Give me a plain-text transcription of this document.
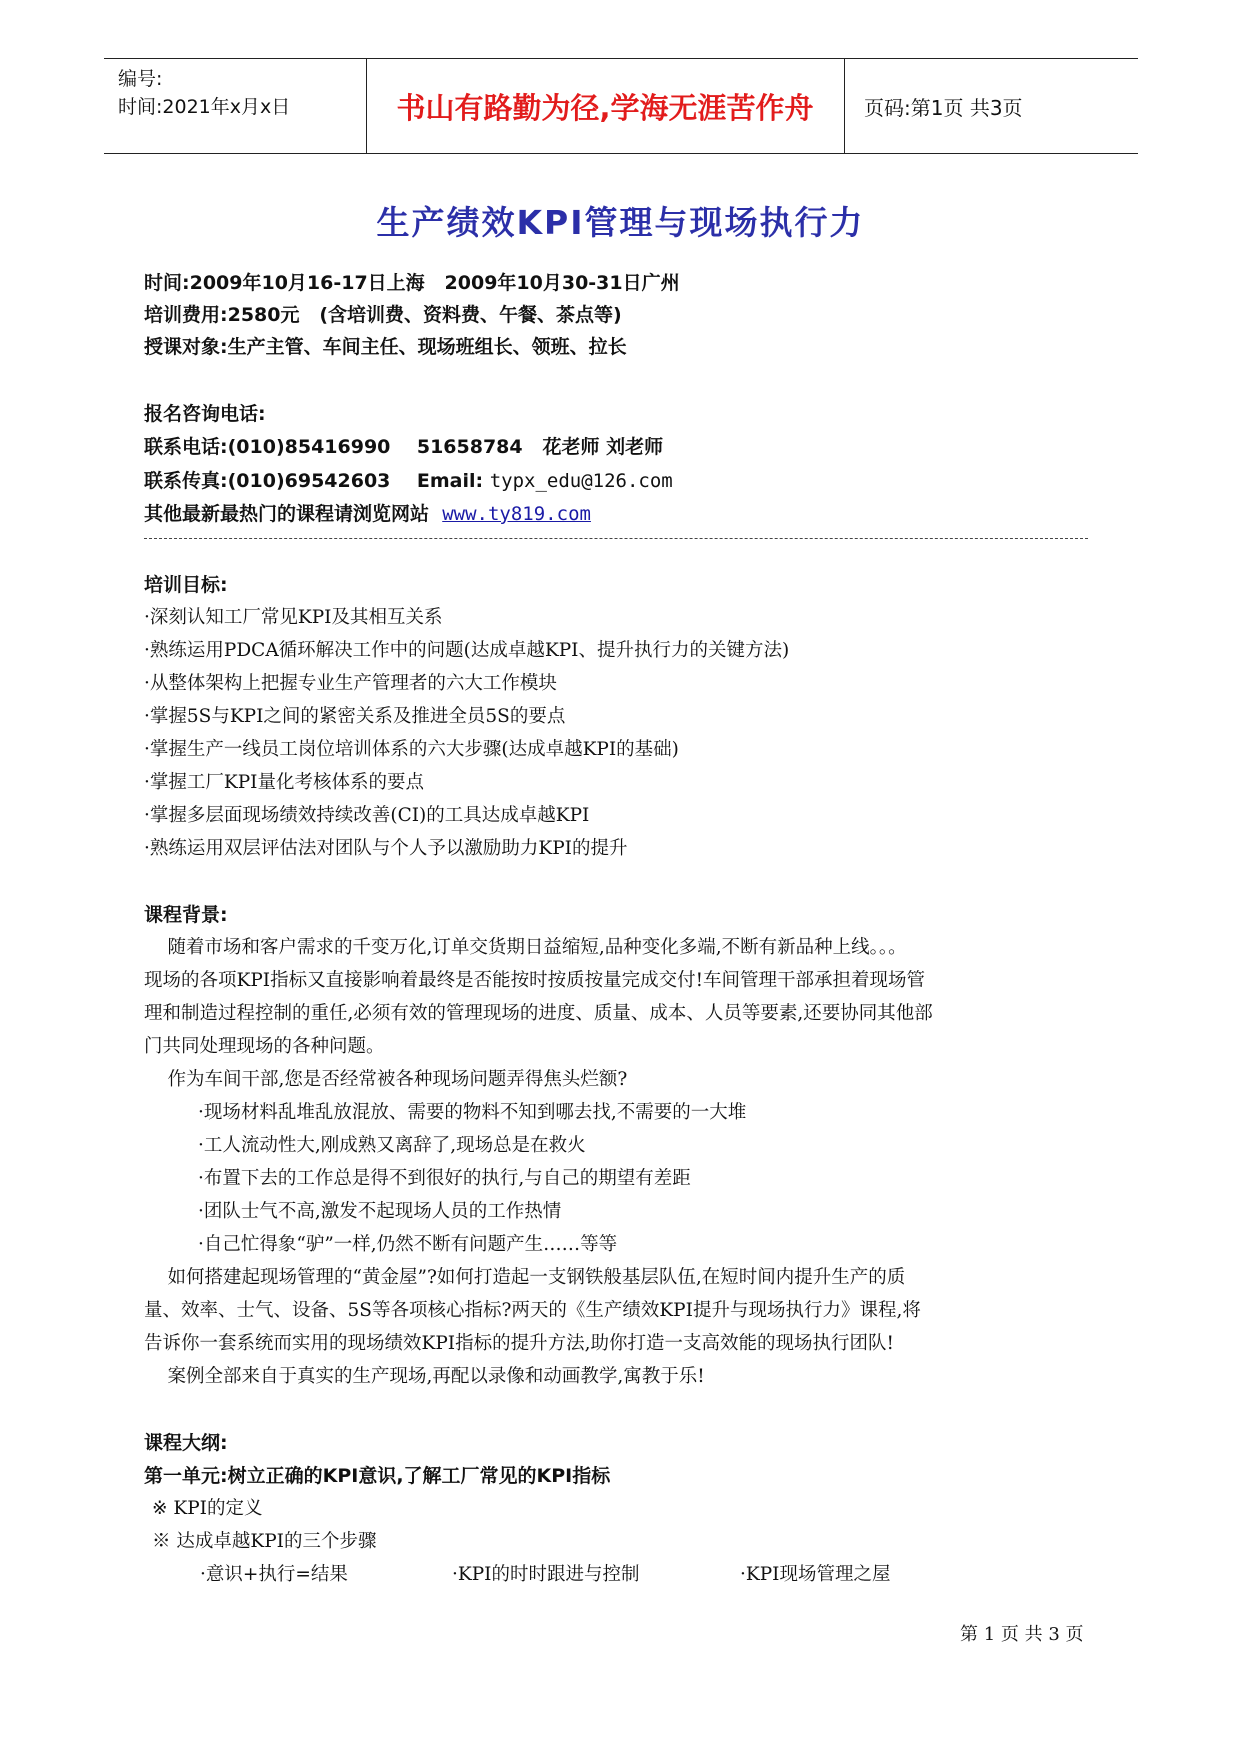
编号:
时间:2021年x月x日	书山有路勤为径,学海无涯苦作舟	页码:第1页 共3页
生产绩效KPI管理与现场执行力
时间:2009年10月16-17日上海   2009年10月30-31日广州
培训费用:2580元   (含培训费、资料费、午餐、茶点等)
授课对象:生产主管、车间主任、现场班组长、领班、拉长
报名咨询电话:
联系电话:(010)85416990    51658784   花老师 刘老师
联系传真:(010)69542603    Email: typx_edu@126.com
其他最新最热门的课程请浏览网站  www.ty819.com
培训目标:
·深刻认知工厂常见KPI及其相互关系
·熟练运用PDCA循环解决工作中的问题(达成卓越KPI、提升执行力的关键方法)
·从整体架构上把握专业生产管理者的六大工作模块
·掌握5S与KPI之间的紧密关系及推进全员5S的要点
·掌握生产一线员工岗位培训体系的六大步骤(达成卓越KPI的基础)
·掌握工厂KPI量化考核体系的要点
·掌握多层面现场绩效持续改善(CI)的工具达成卓越KPI
·熟练运用双层评估法对团队与个人予以激励助力KPI的提升
课程背景:
随着市场和客户需求的千变万化,订单交货期日益缩短,品种变化多端,不断有新品种上线。。。
现场的各项KPI指标又直接影响着最终是否能按时按质按量完成交付!车间管理干部承担着现场管
理和制造过程控制的重任,必须有效的管理现场的进度、质量、成本、人员等要素,还要协同其他部
门共同处理现场的各种问题。
作为车间干部,您是否经常被各种现场问题弄得焦头烂额?
·现场材料乱堆乱放混放、需要的物料不知到哪去找,不需要的一大堆
·工人流动性大,刚成熟又离辞了,现场总是在救火
·布置下去的工作总是得不到很好的执行,与自己的期望有差距
·团队士气不高,激发不起现场人员的工作热情
·自己忙得象“驴”一样,仍然不断有问题产生……等等
如何搭建起现场管理的“黄金屋”?如何打造起一支钢铁般基层队伍,在短时间内提升生产的质
量、效率、士气、设备、5S等各项核心指标?两天的《生产绩效KPI提升与现场执行力》课程,将
告诉你一套系统而实用的现场绩效KPI指标的提升方法,助你打造一支高效能的现场执行团队!
案例全部来自于真实的生产现场,再配以录像和动画教学,寓教于乐!
课程大纲:
第一单元:树立正确的KPI意识,了解工厂常见的KPI指标
※ KPI的定义
※ 达成卓越KPI的三个步骤
·意识+执行=结果	·KPI的时时跟进与控制	·KPI现场管理之屋
第 1 页 共 3 页
